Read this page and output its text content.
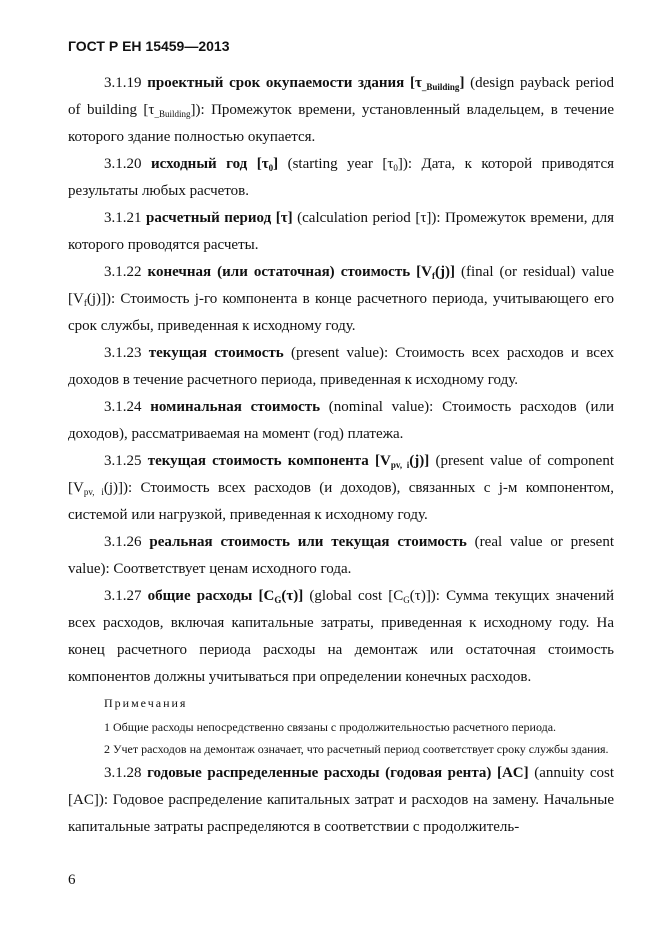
ГОСТ Р ЕН 15459—2013

3.1.19 проектный срок окупаемости здания $[\tau_{\_Building}]$ (design payback period of building $[\tau_{\_Building}]$): Промежуток времени, установленный владельцем, в течение которого здание полностью окупается.

3.1.20 исходный год $[\tau_0]$ (starting year $[\tau_0]$): Дата, к которой приводятся результаты любых расчетов.

3.1.21 расчетный период [τ] (calculation period [τ]): Промежуток времени, для которого проводятся расчеты.

3.1.22 конечная (или остаточная) стоимость $[V_f(j)]$ (final (or residual) value $[V_f(j)]$): Стоимость j-го компонента в конце расчетного периода, учитывающего его срок службы, приведенная к исходному году.

3.1.23 текущая стоимость (present value): Стоимость всех расходов и всех доходов в течение расчетного периода, приведенная к исходному году.

3.1.24 номинальная стоимость (nominal value): Стоимость расходов (или доходов), рассматриваемая на момент (год) платежа.

3.1.25 текущая стоимость компонента $[V_{pv, i}(j)]$ (present value of component $[V_{pv, i}(j)]$): Стоимость всех расходов (и доходов), связанных с j-м компонентом, системой или нагрузкой, приведенная к исходному году.

3.1.26 реальная стоимость или текущая стоимость (real value or present value): Соответствует ценам исходного года.

3.1.27 общие расходы $[C_G(\tau)]$ (global cost $[C_G(\tau)]$): Сумма текущих значений всех расходов, включая капитальные затраты, приведенная к исходному году. На конец расчетного периода расходы на демонтаж или остаточная стоимость компонентов должны учитываться при определении конечных расходов.

Примечания
1 Общие расходы непосредственно связаны с продолжительностью расчетного периода.
2 Учет расходов на демонтаж означает, что расчетный период соответствует сроку службы здания.

3.1.28 годовые распределенные расходы (годовая рента) [AC] (annuity cost [AC]): Годовое распределение капитальных затрат и расходов на замену. Начальные капитальные затраты распределяются в соответствии с продолжитель-

6
